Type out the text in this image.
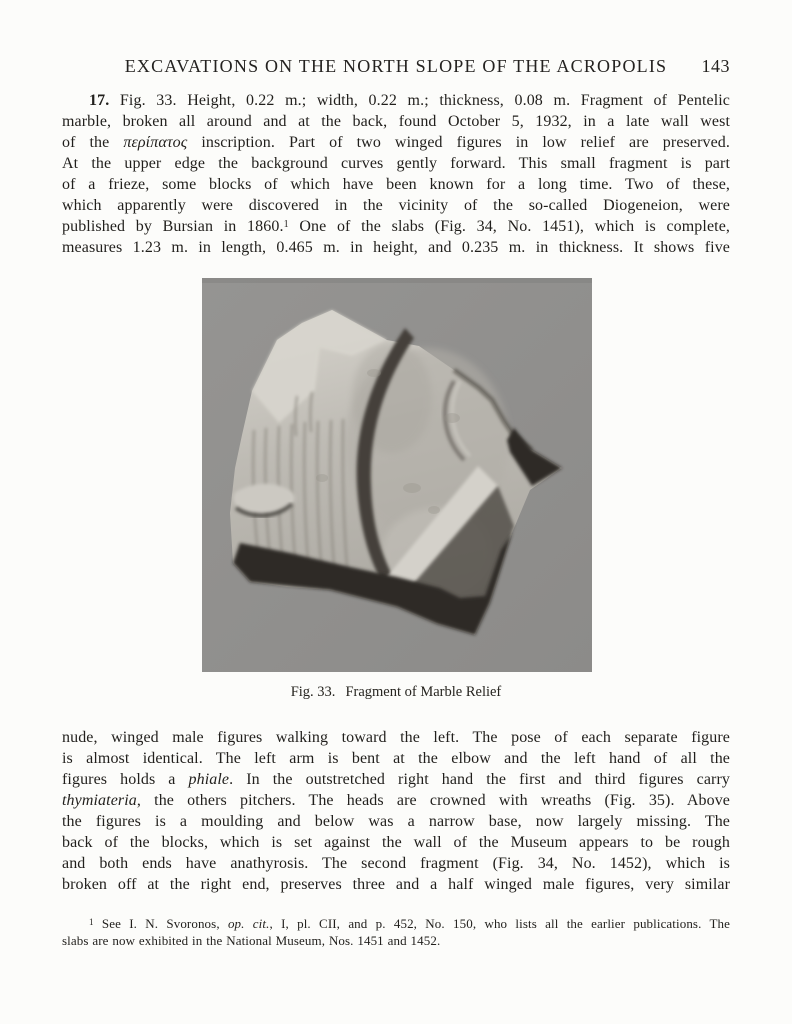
EXCAVATIONS ON THE NORTH SLOPE OF THE ACROPOLIS	143
17. Fig. 33. Height, 0.22 m.; width, 0.22 m.; thickness, 0.08 m. Fragment of Pentelic
marble, broken all around and at the back, found October 5, 1932, in a late wall west
of the περίπατος inscription. Part of two winged figures in low relief are preserved.
At the upper edge the background curves gently forward. This small fragment is part
of a frieze, some blocks of which have been known for a long time. Two of these,
which apparently were discovered in the vicinity of the so-called Diogeneion, were
published by Bursian in 1860.$^1$ One of the slabs (Fig. 34, No. 1451), which is complete,
measures 1.23 m. in length, 0.465 m. in height, and 0.235 m. in thickness. It shows five
Fig. 33. Fragment of Marble Relief
nude, winged male figures walking toward the left. The pose of each separate figure
is almost identical. The left arm is bent at the elbow and the left hand of all the
figures holds a phiale. In the outstretched right hand the first and third figures carry
thymiateria, the others pitchers. The heads are crowned with wreaths (Fig. 35). Above
the figures is a moulding and below was a narrow base, now largely missing. The
back of the blocks, which is set against the wall of the Museum appears to be rough
and both ends have anathyrosis. The second fragment (Fig. 34, No. 1452), which is
broken off at the right end, preserves three and a half winged male figures, very similar
$^1$ See I. N. Svoronos, op. cit., I, pl. CII, and p. 452, No. 150, who lists all the earlier publications. The
slabs are now exhibited in the National Museum, Nos. 1451 and 1452.
